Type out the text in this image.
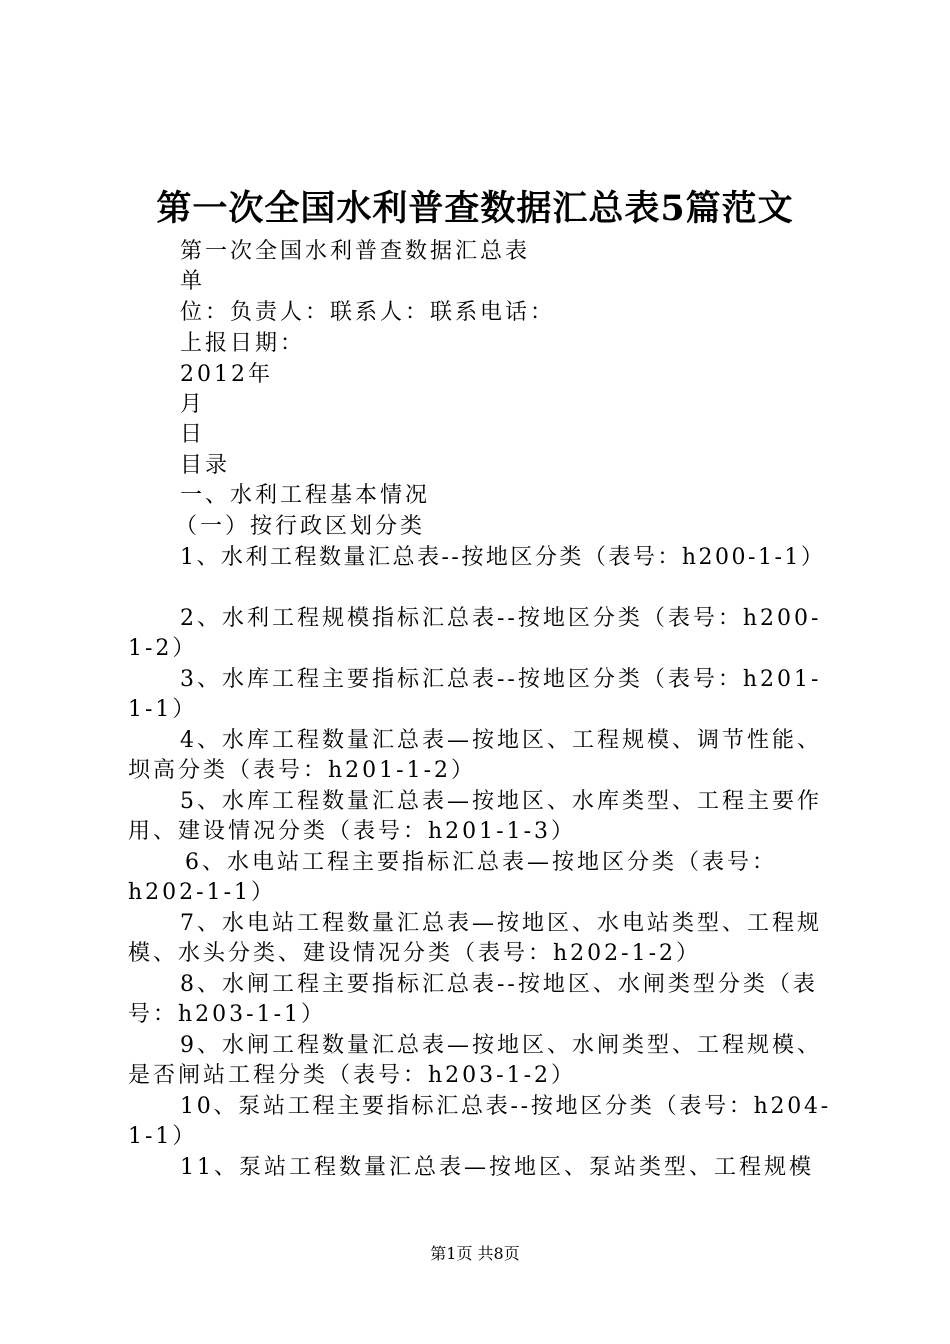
第一次全国水利普查数据汇总表5篇范文
第一次全国水利普查数据汇总表
单
位：负责人：联系人：联系电话：
上报日期：
2012年
月
日
目录
一、水利工程基本情况
（一）按行政区划分类
1、水利工程数量汇总表--按地区分类（表号：h200-1-1）
2、水利工程规模指标汇总表--按地区分类（表号：h200-
1-2）
3、水库工程主要指标汇总表--按地区分类（表号：h201-
1-1）
4、水库工程数量汇总表—按地区、工程规模、调节性能、
坝高分类（表号：h201-1-2）
5、水库工程数量汇总表—按地区、水库类型、工程主要作
用、建设情况分类（表号：h201-1-3）
6、水电站工程主要指标汇总表—按地区分类（表号：
h202-1-1）
7、水电站工程数量汇总表—按地区、水电站类型、工程规
模、水头分类、建设情况分类（表号：h202-1-2）
8、水闸工程主要指标汇总表--按地区、水闸类型分类（表
号：h203-1-1）
9、水闸工程数量汇总表—按地区、水闸类型、工程规模、
是否闸站工程分类（表号：h203-1-2）
10、泵站工程主要指标汇总表--按地区分类（表号：h204-
1-1）
11、泵站工程数量汇总表—按地区、泵站类型、工程规模
第1页 共8页
